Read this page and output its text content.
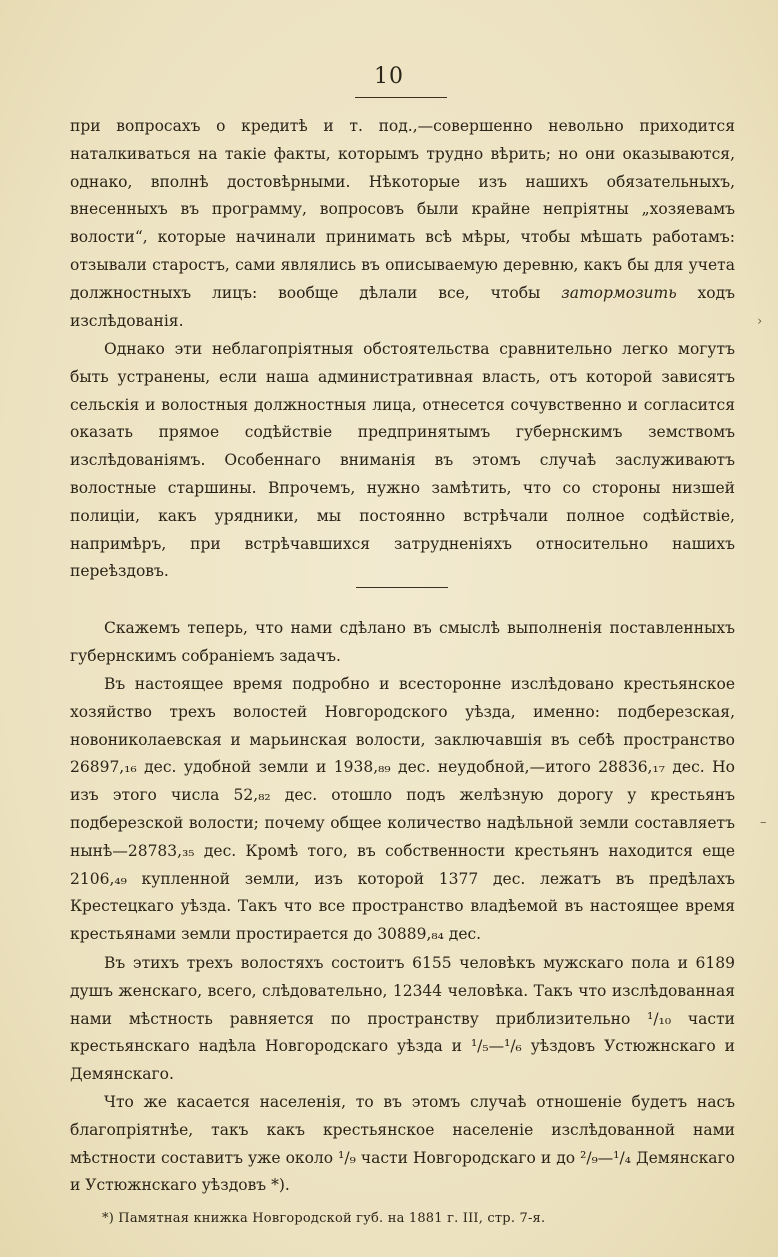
10

при вопросахъ о кредитѣ и т. под.,—совершенно невольно приходится наталкиваться на такіе факты, которымъ трудно вѣрить; но они оказываются, однако, вполнѣ достовѣрными. Нѣкоторые изъ нашихъ обязательныхъ, внесенныхъ въ программу, вопросовъ были крайне непріятны „хозяевамъ волости“, которые начинали принимать всѣ мѣры, чтобы мѣшать работамъ: отзывали старостъ, сами являлись въ описываемую деревню, какъ бы для учета должностныхъ лицъ: вообще дѣлали все, чтобы затормозить ходъ изслѣдованія.

Однако эти неблагопріятныя обстоятельства сравнительно легко могутъ быть устранены, если наша административная власть, отъ которой зависятъ сельскія и волостныя должностныя лица, отнесется сочувственно и согласится оказать прямое содѣйствіе предпринятымъ губернскимъ земствомъ изслѣдованіямъ. Особеннаго вниманія въ этомъ случаѣ заслуживаютъ волостные старшины. Впрочемъ, нужно замѣтить, что со стороны низшей полиціи, какъ урядники, мы постоянно встрѣчали полное содѣйствіе, напримѣръ, при встрѣчавшихся затрудненіяхъ относительно нашихъ переѣздовъ.

Скажемъ теперь, что нами сдѣлано въ смыслѣ выполненія поставленныхъ губернскимъ собраніемъ задачъ.

Въ настоящее время подробно и всесторонне изслѣдовано крестьянское хозяйство трехъ волостей Новгородского уѣзда, именно: подберезская, новониколаевская и марьинская волости, заключавшія въ себѣ пространство 26897,₁₆ дес. удобной земли и 1938,₈₉ дес. неудобной,—итого 28836,₁₇ дес. Но изъ этого числа 52,₈₂ дес. отошло подъ желѣзную дорогу у крестьянъ подберезской волости; почему общее количество надѣльной земли составляетъ нынѣ—28783,₃₅ дес. Кромѣ того, въ собственности крестьянъ находится еще 2106,₄₉ купленной земли, изъ которой 1377 дес. лежатъ въ предѣлахъ Крестецкаго уѣзда. Такъ что все пространство владѣемой въ настоящее время крестьянами земли простирается до 30889,₈₄ дес.

Въ этихъ трехъ волостяхъ состоитъ 6155 человѣкъ мужскаго пола и 6189 душъ женскаго, всего, слѣдовательно, 12344 человѣка. Такъ что изслѣдованная нами мѣстность равняется по пространству приблизительно ¹/₁₀ части крестьянскаго надѣла Новгородскаго уѣзда и ¹/₅—¹/₆ уѣздовъ Устюжнскаго и Демянскаго.

Что же касается населенія, то въ этомъ случаѣ отношеніе будетъ насъ благопріятнѣе, такъ какъ крестьянское населеніе изслѣдованной нами мѣстности составитъ уже около ¹/₉ части Новгородскаго и до ²/₉—¹/₄ Демянскаго и Устюжнскаго уѣздовъ *).

*) Памятная книжка Новгородской губ. на 1881 г. III, стр. 7-я.
›
–
